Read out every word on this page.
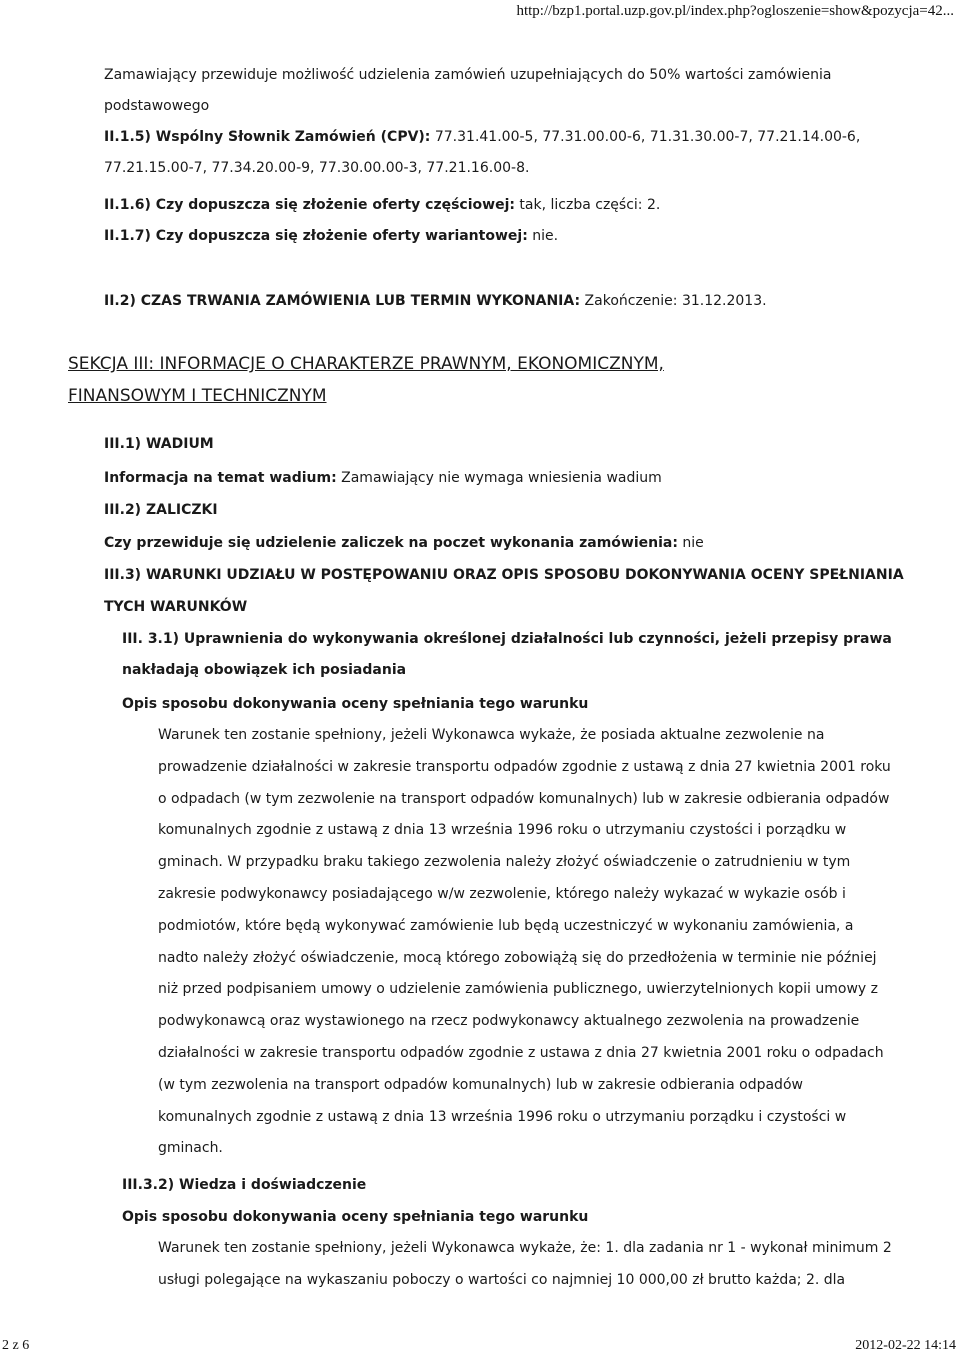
http://bzp1.portal.uzp.gov.pl/index.php?ogloszenie=show&pozycja=42...
Zamawiający przewiduje możliwość udzielenia zamówień uzupełniających do 50% wartości zamówienia
podstawowego
II.1.5) Wspólny Słownik Zamówień (CPV): 77.31.41.00-5, 77.31.00.00-6, 71.31.30.00-7, 77.21.14.00-6,
77.21.15.00-7, 77.34.20.00-9, 77.30.00.00-3, 77.21.16.00-8.
II.1.6) Czy dopuszcza się złożenie oferty częściowej: tak, liczba części: 2.
II.1.7) Czy dopuszcza się złożenie oferty wariantowej: nie.
II.2) CZAS TRWANIA ZAMÓWIENIA LUB TERMIN WYKONANIA: Zakończenie: 31.12.2013.
SEKCJA III: INFORMACJE O CHARAKTERZE PRAWNYM, EKONOMICZNYM,
FINANSOWYM I TECHNICZNYM
III.1) WADIUM
Informacja na temat wadium: Zamawiający nie wymaga wniesienia wadium
III.2) ZALICZKI
Czy przewiduje się udzielenie zaliczek na poczet wykonania zamówienia: nie
III.3) WARUNKI UDZIAŁU W POSTĘPOWANIU ORAZ OPIS SPOSOBU DOKONYWANIA OCENY SPEŁNIANIA
TYCH WARUNKÓW
III. 3.1) Uprawnienia do wykonywania określonej działalności lub czynności, jeżeli przepisy prawa
nakładają obowiązek ich posiadania
Opis sposobu dokonywania oceny spełniania tego warunku
Warunek ten zostanie spełniony, jeżeli Wykonawca wykaże, że posiada aktualne zezwolenie na
prowadzenie działalności w zakresie transportu odpadów zgodnie z ustawą z dnia 27 kwietnia 2001 roku
o odpadach (w tym zezwolenie na transport odpadów komunalnych) lub w zakresie odbierania odpadów
komunalnych zgodnie z ustawą z dnia 13 września 1996 roku o utrzymaniu czystości i porządku w
gminach. W przypadku braku takiego zezwolenia należy złożyć oświadczenie o zatrudnieniu w tym
zakresie podwykonawcy posiadającego w/w zezwolenie, którego należy wykazać w wykazie osób i
podmiotów, które będą wykonywać zamówienie lub będą uczestniczyć w wykonaniu zamówienia, a
nadto należy złożyć oświadczenie, mocą którego zobowiążą się do przedłożenia w terminie nie później
niż przed podpisaniem umowy o udzielenie zamówienia publicznego, uwierzytelnionych kopii umowy z
podwykonawcą oraz wystawionego na rzecz podwykonawcy aktualnego zezwolenia na prowadzenie
działalności w zakresie transportu odpadów zgodnie z ustawa z dnia 27 kwietnia 2001 roku o odpadach
(w tym zezwolenia na transport odpadów komunalnych) lub w zakresie odbierania odpadów
komunalnych zgodnie z ustawą z dnia 13 września 1996 roku o utrzymaniu porządku i czystości w
gminach.
III.3.2) Wiedza i doświadczenie
Opis sposobu dokonywania oceny spełniania tego warunku
Warunek ten zostanie spełniony, jeżeli Wykonawca wykaże, że: 1. dla zadania nr 1 - wykonał minimum 2
usługi polegające na wykaszaniu poboczy o wartości co najmniej 10 000,00 zł brutto każda; 2. dla
2 z 6	2012-02-22 14:14
